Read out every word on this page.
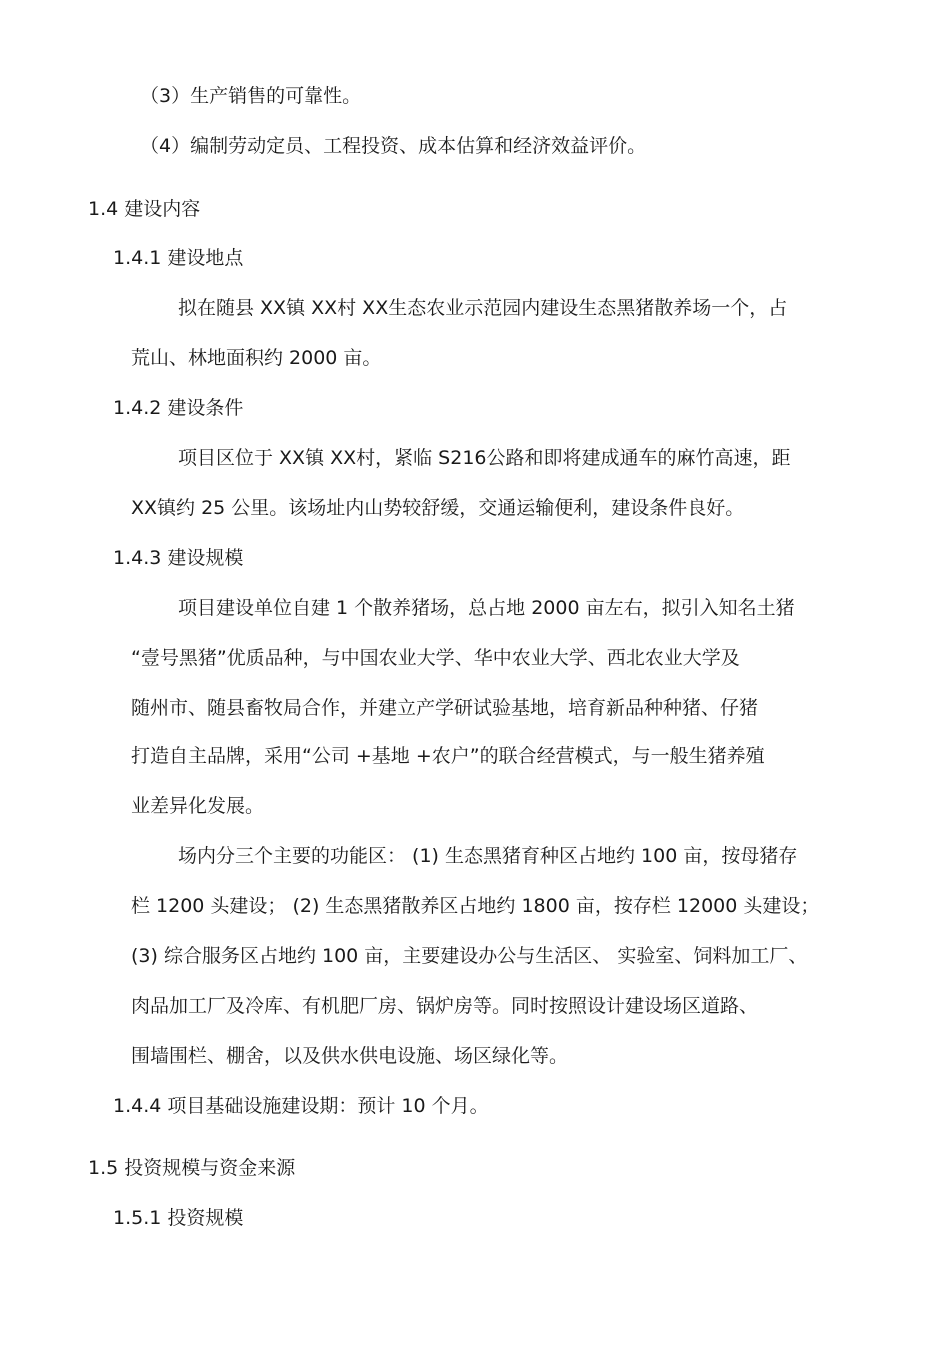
（3）生产销售的可靠性。
（4）编制劳动定员、工程投资、成本估算和经济效益评价。
1.4 建设内容
1.4.1 建设地点
拟在随县 XX镇 XX村 XX生态农业示范园内建设生态黑猪散养场一个，占
荒山、林地面积约 2000 亩。
1.4.2 建设条件
项目区位于 XX镇 XX村，紧临 S216公路和即将建成通车的麻竹高速，距
XX镇约 25 公里。该场址内山势较舒缓，交通运输便利，建设条件良好。
1.4.3 建设规模
项目建设单位自建 1 个散养猪场，总占地 2000 亩左右，拟引入知名土猪
“壹号黑猪”优质品种，与中国农业大学、华中农业大学、西北农业大学及
随州市、随县畜牧局合作，并建立产学研试验基地，培育新品种种猪、仔猪
打造自主品牌，采用“公司 +基地 +农户”的联合经营模式，与一般生猪养殖
业差异化发展。
场内分三个主要的功能区： (1) 生态黑猪育种区占地约 100 亩，按母猪存
栏 1200 头建设； (2) 生态黑猪散养区占地约 1800 亩，按存栏 12000 头建设；
(3) 综合服务区占地约 100 亩，主要建设办公与生活区、 实验室、饲料加工厂、
肉品加工厂及冷库、有机肥厂房、锅炉房等。同时按照设计建设场区道路、
围墙围栏、棚舍，以及供水供电设施、场区绿化等。
1.4.4 项目基础设施建设期：预计 10 个月。
1.5 投资规模与资金来源
1.5.1 投资规模
